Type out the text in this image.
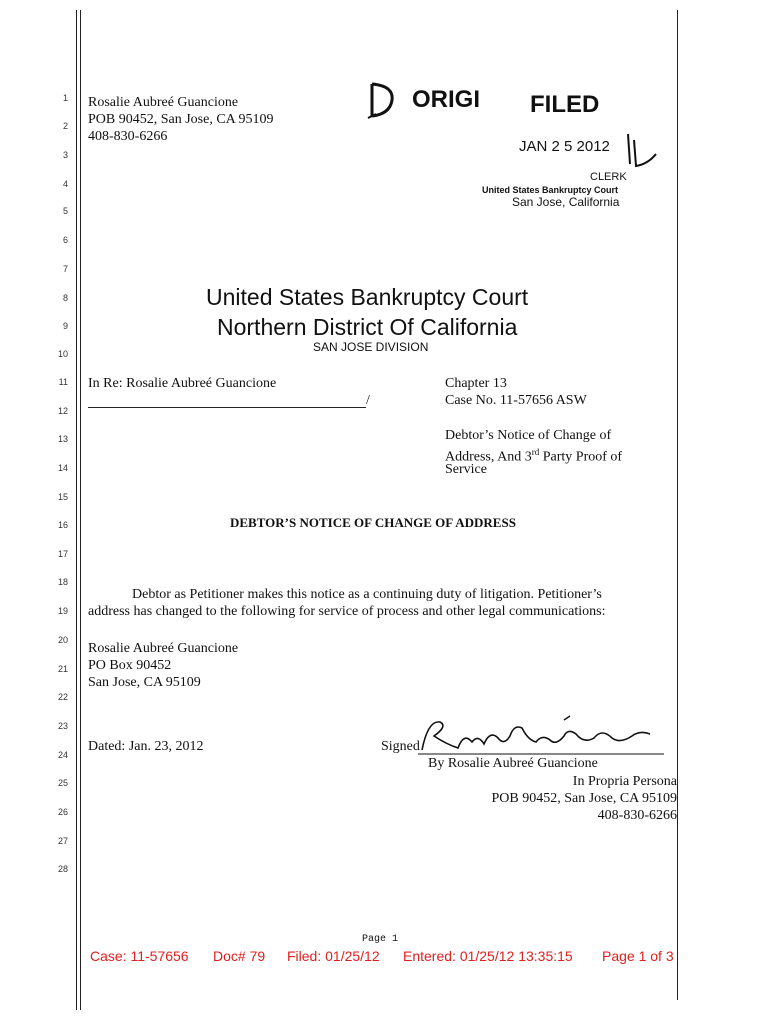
1
2
3
4
5
6
7
8
9
10
11
12
13
14
15
16
17
18
19
20
21
22
23
24
25
26
27
28
Rosalie Aubreé Guancione
POB 90452, San Jose, CA 95109
408-830-6266
ORIGI FILED
JAN 2 5 2012
CLERK
United States Bankruptcy Court
San Jose, California
United States Bankruptcy Court
Northern District Of California
SAN JOSE DIVISION
In Re: Rosalie Aubreé Guancione
/
Chapter 13
Case No. 11-57656 ASW
Debtor’s Notice of Change of
Address, And 3rd Party Proof of
Service
DEBTOR’S NOTICE OF CHANGE OF ADDRESS
Debtor as Petitioner makes this notice as a continuing duty of litigation. Petitioner’s
address has changed to the following for service of process and other legal communications:
Rosalie Aubreé Guancione
PO Box 90452
San Jose, CA 95109
Dated: Jan. 23, 2012	Signed
By Rosalie Aubreé Guancione
In Propria Persona
POB 90452, San Jose, CA 95109
408-830-6266
Page 1
Case: 11-57656 Doc# 79 Filed: 01/25/12 Entered: 01/25/12 13:35:15 Page 1 of 3
